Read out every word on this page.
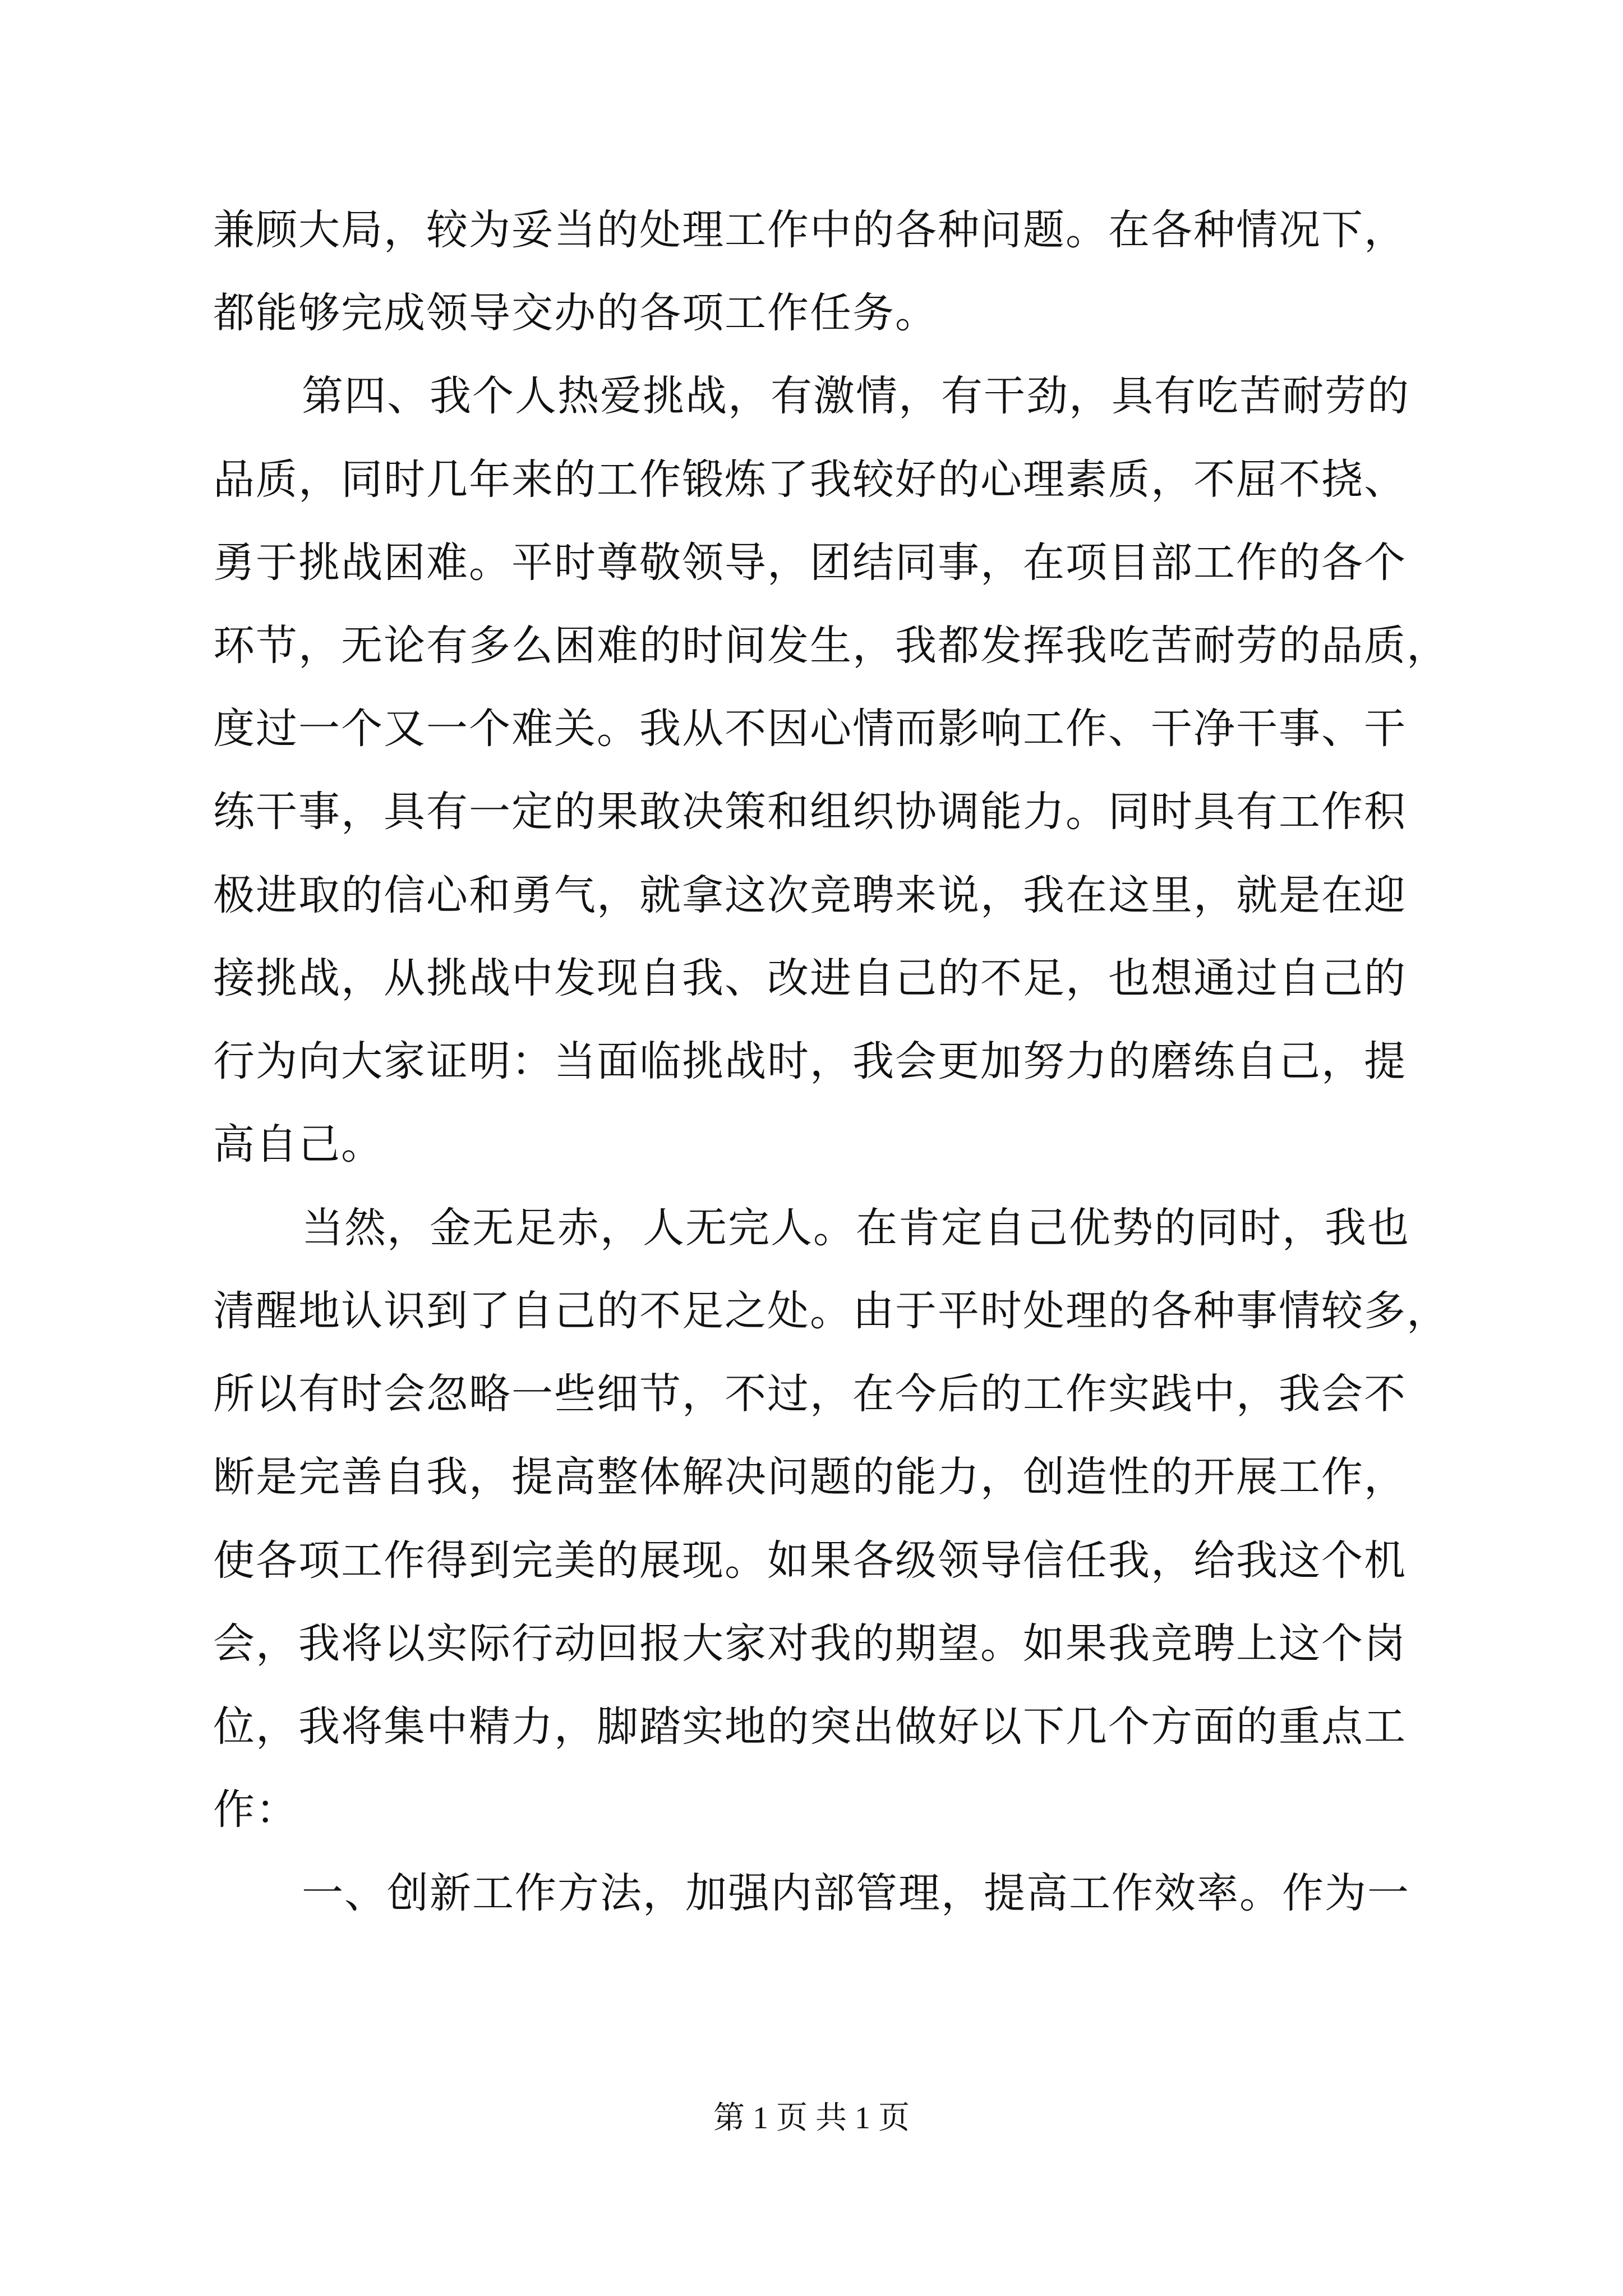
兼顾大局，较为妥当的处理工作中的各种问题。在各种情况下，
都能够完成领导交办的各项工作任务。
第四、我个人热爱挑战，有激情，有干劲，具有吃苦耐劳的
品质，同时几年来的工作锻炼了我较好的心理素质，不屈不挠、
勇于挑战困难。平时尊敬领导，团结同事，在项目部工作的各个
环节，无论有多么困难的时间发生，我都发挥我吃苦耐劳的品质，
度过一个又一个难关。我从不因心情而影响工作、干净干事、干
练干事，具有一定的果敢决策和组织协调能力。同时具有工作积
极进取的信心和勇气，就拿这次竞聘来说，我在这里，就是在迎
接挑战，从挑战中发现自我、改进自己的不足，也想通过自己的
行为向大家证明：当面临挑战时，我会更加努力的磨练自己，提
高自己。
当然，金无足赤，人无完人。在肯定自己优势的同时，我也
清醒地认识到了自己的不足之处。由于平时处理的各种事情较多，
所以有时会忽略一些细节，不过，在今后的工作实践中，我会不
断是完善自我，提高整体解决问题的能力，创造性的开展工作，
使各项工作得到完美的展现。如果各级领导信任我，给我这个机
会，我将以实际行动回报大家对我的期望。如果我竞聘上这个岗
位，我将集中精力，脚踏实地的突出做好以下几个方面的重点工
作：
一、创新工作方法，加强内部管理，提高工作效率。作为一
第 1 页 共 1 页
